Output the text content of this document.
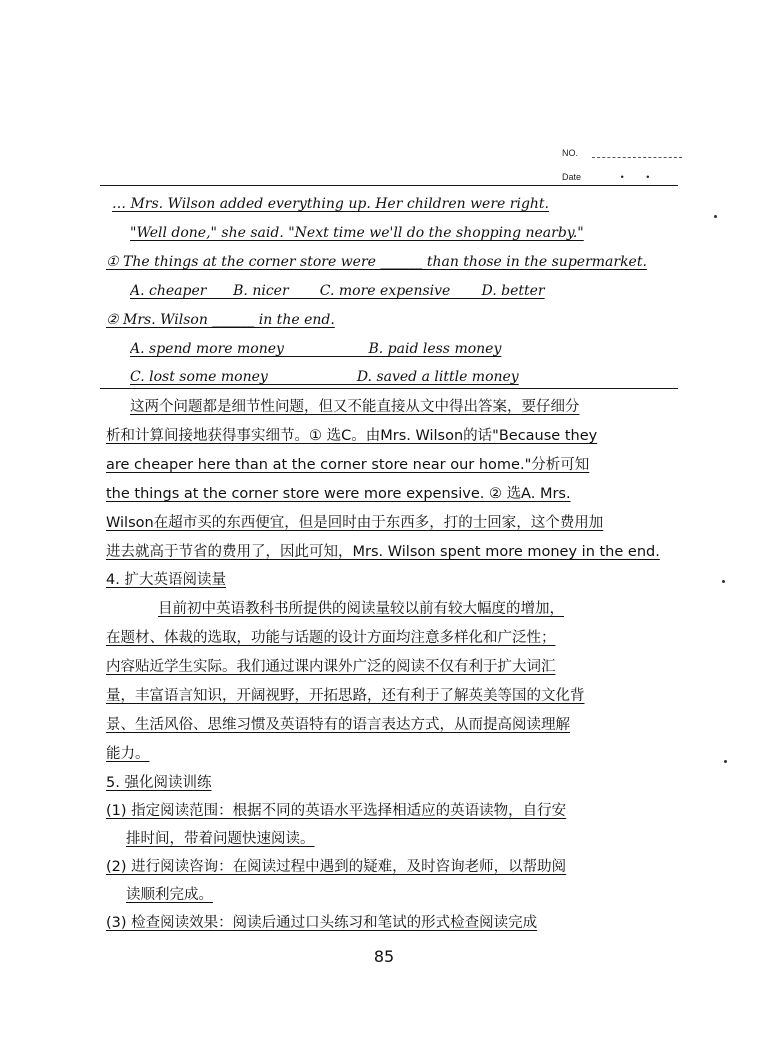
NO.
Date	• •
… Mrs. Wilson added everything up. Her children were right.
"Well done," she said. "Next time we'll do the shopping nearby."
① The things at the corner store were ______ than those in the supermarket.
A. cheaper      B. nicer       C. more expensive       D. better
② Mrs. Wilson ______ in the end.
A. spend more money                   B. paid less money
C. lost some money                    D. saved a little money
这两个问题都是细节性问题，但又不能直接从文中得出答案，要仔细分
析和计算间接地获得事实细节。① 选C。由Mrs. Wilson的话"Because they
are cheaper here than at the corner store near our home."分析可知
the things at the corner store were more expensive. ② 选A. Mrs.
Wilson在超市买的东西便宜，但是回时由于东西多，打的士回家，这个费用加
进去就高于节省的费用了，因此可知，Mrs. Wilson spent more money in the end.
4. 扩大英语阅读量
目前初中英语教科书所提供的阅读量较以前有较大幅度的增加，
在题材、体裁的选取，功能与话题的设计方面均注意多样化和广泛性；
内容贴近学生实际。我们通过课内课外广泛的阅读不仅有利于扩大词汇
量，丰富语言知识，开阔视野，开拓思路，还有利于了解英美等国的文化背
景、生活风俗、思维习惯及英语特有的语言表达方式，从而提高阅读理解
能力。
5. 强化阅读训练
(1) 指定阅读范围：根据不同的英语水平选择相适应的英语读物，自行安
排时间，带着问题快速阅读。
(2) 进行阅读咨询：在阅读过程中遇到的疑难，及时咨询老师，以帮助阅
读顺利完成。
(3) 检查阅读效果：阅读后通过口头练习和笔试的形式检查阅读完成
85
